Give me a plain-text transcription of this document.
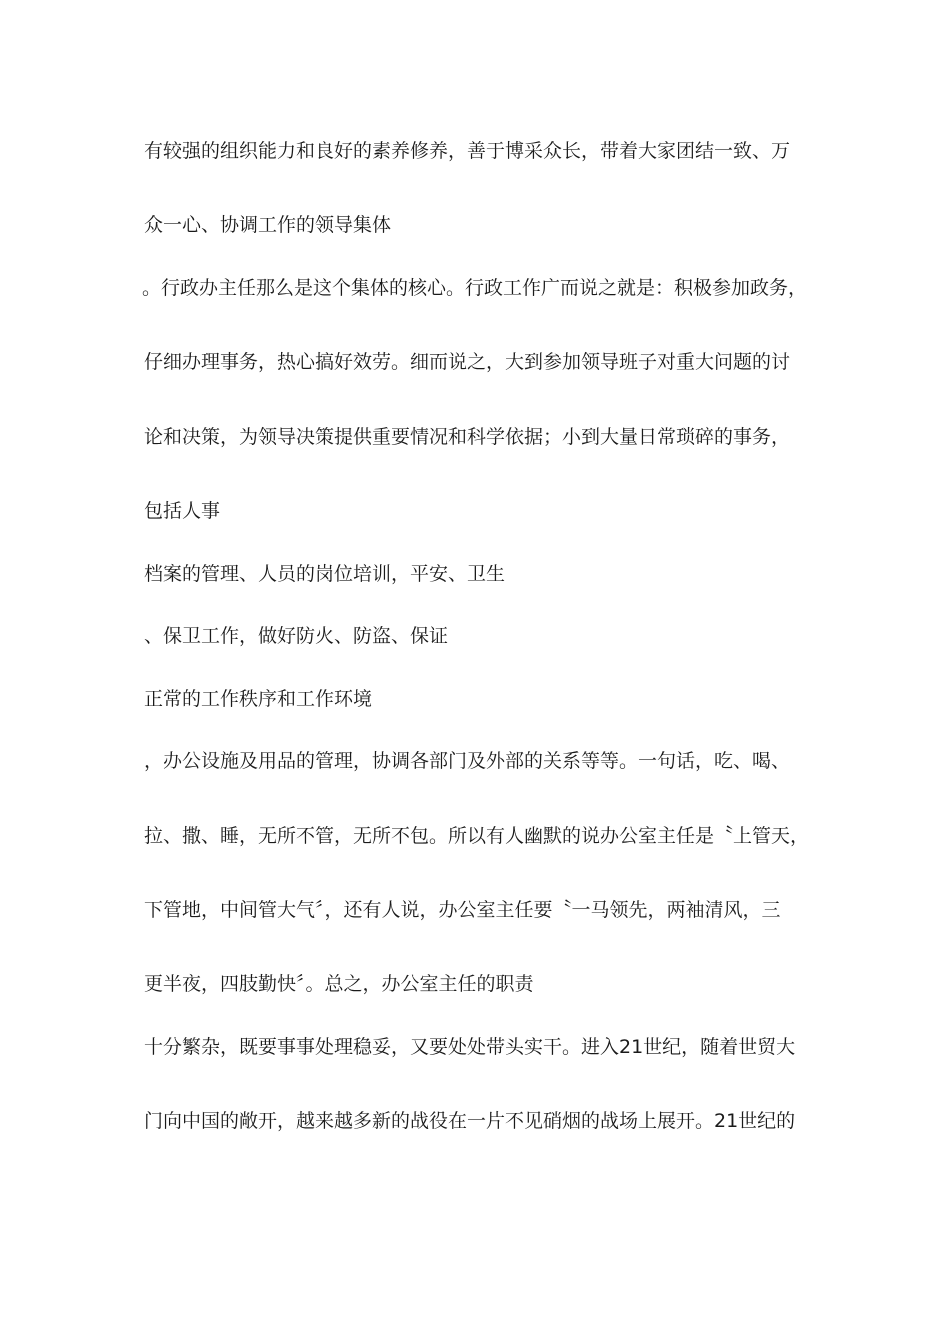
有较强的组织能力和良好的素养修养，善于博采众长，带着大家团结一致、万
众一心、协调工作的领导集体
。行政办主任那么是这个集体的核心。行政工作广而说之就是：积极参加政务，
仔细办理事务，热心搞好效劳。细而说之，大到参加领导班子对重大问题的讨
论和决策，为领导决策提供重要情况和科学依据；小到大量日常琐碎的事务，
包括人事
档案的管理、人员的岗位培训，平安、卫生
、保卫工作，做好防火、防盗、保证
正常的工作秩序和工作环境
，办公设施及用品的管理，协调各部门及外部的关系等等。一句话，吃、喝、
拉、撒、睡，无所不管，无所不包。所以有人幽默的说办公室主任是〝上管天，
下管地，中间管大气〞，还有人说，办公室主任要〝一马领先，两袖清风，三
更半夜，四肢勤快〞。总之，办公室主任的职责
十分繁杂，既要事事处理稳妥，又要处处带头实干。进入21世纪，随着世贸大
门向中国的敞开，越来越多新的战役在一片不见硝烟的战场上展开。21世纪的
